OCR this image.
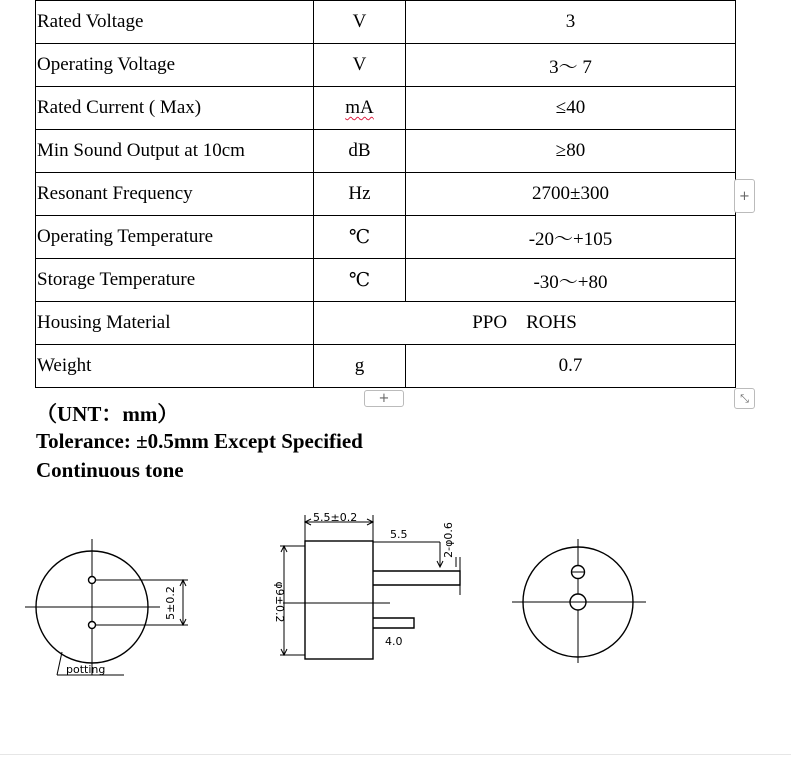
Rated Voltage	V	3
Operating Voltage	V	3～ 7
Rated Current ( Max)	mA	≤40
Min Sound Output at 10cm	dB	≥80
Resonant Frequency	Hz	2700±300
Operating Temperature	℃	-20～+105
Storage Temperature	℃	-30～+80
Housing Material	PPO    ROHS	
Weight	g	0.7
+
+	⤡
（UNT：mm）
Tolerance: ±0.5mm Except Specified
Continuous tone
5±0.2
potting
5.5±0.2
5.5	2-φ0.6
φ9±0.2
4.0
